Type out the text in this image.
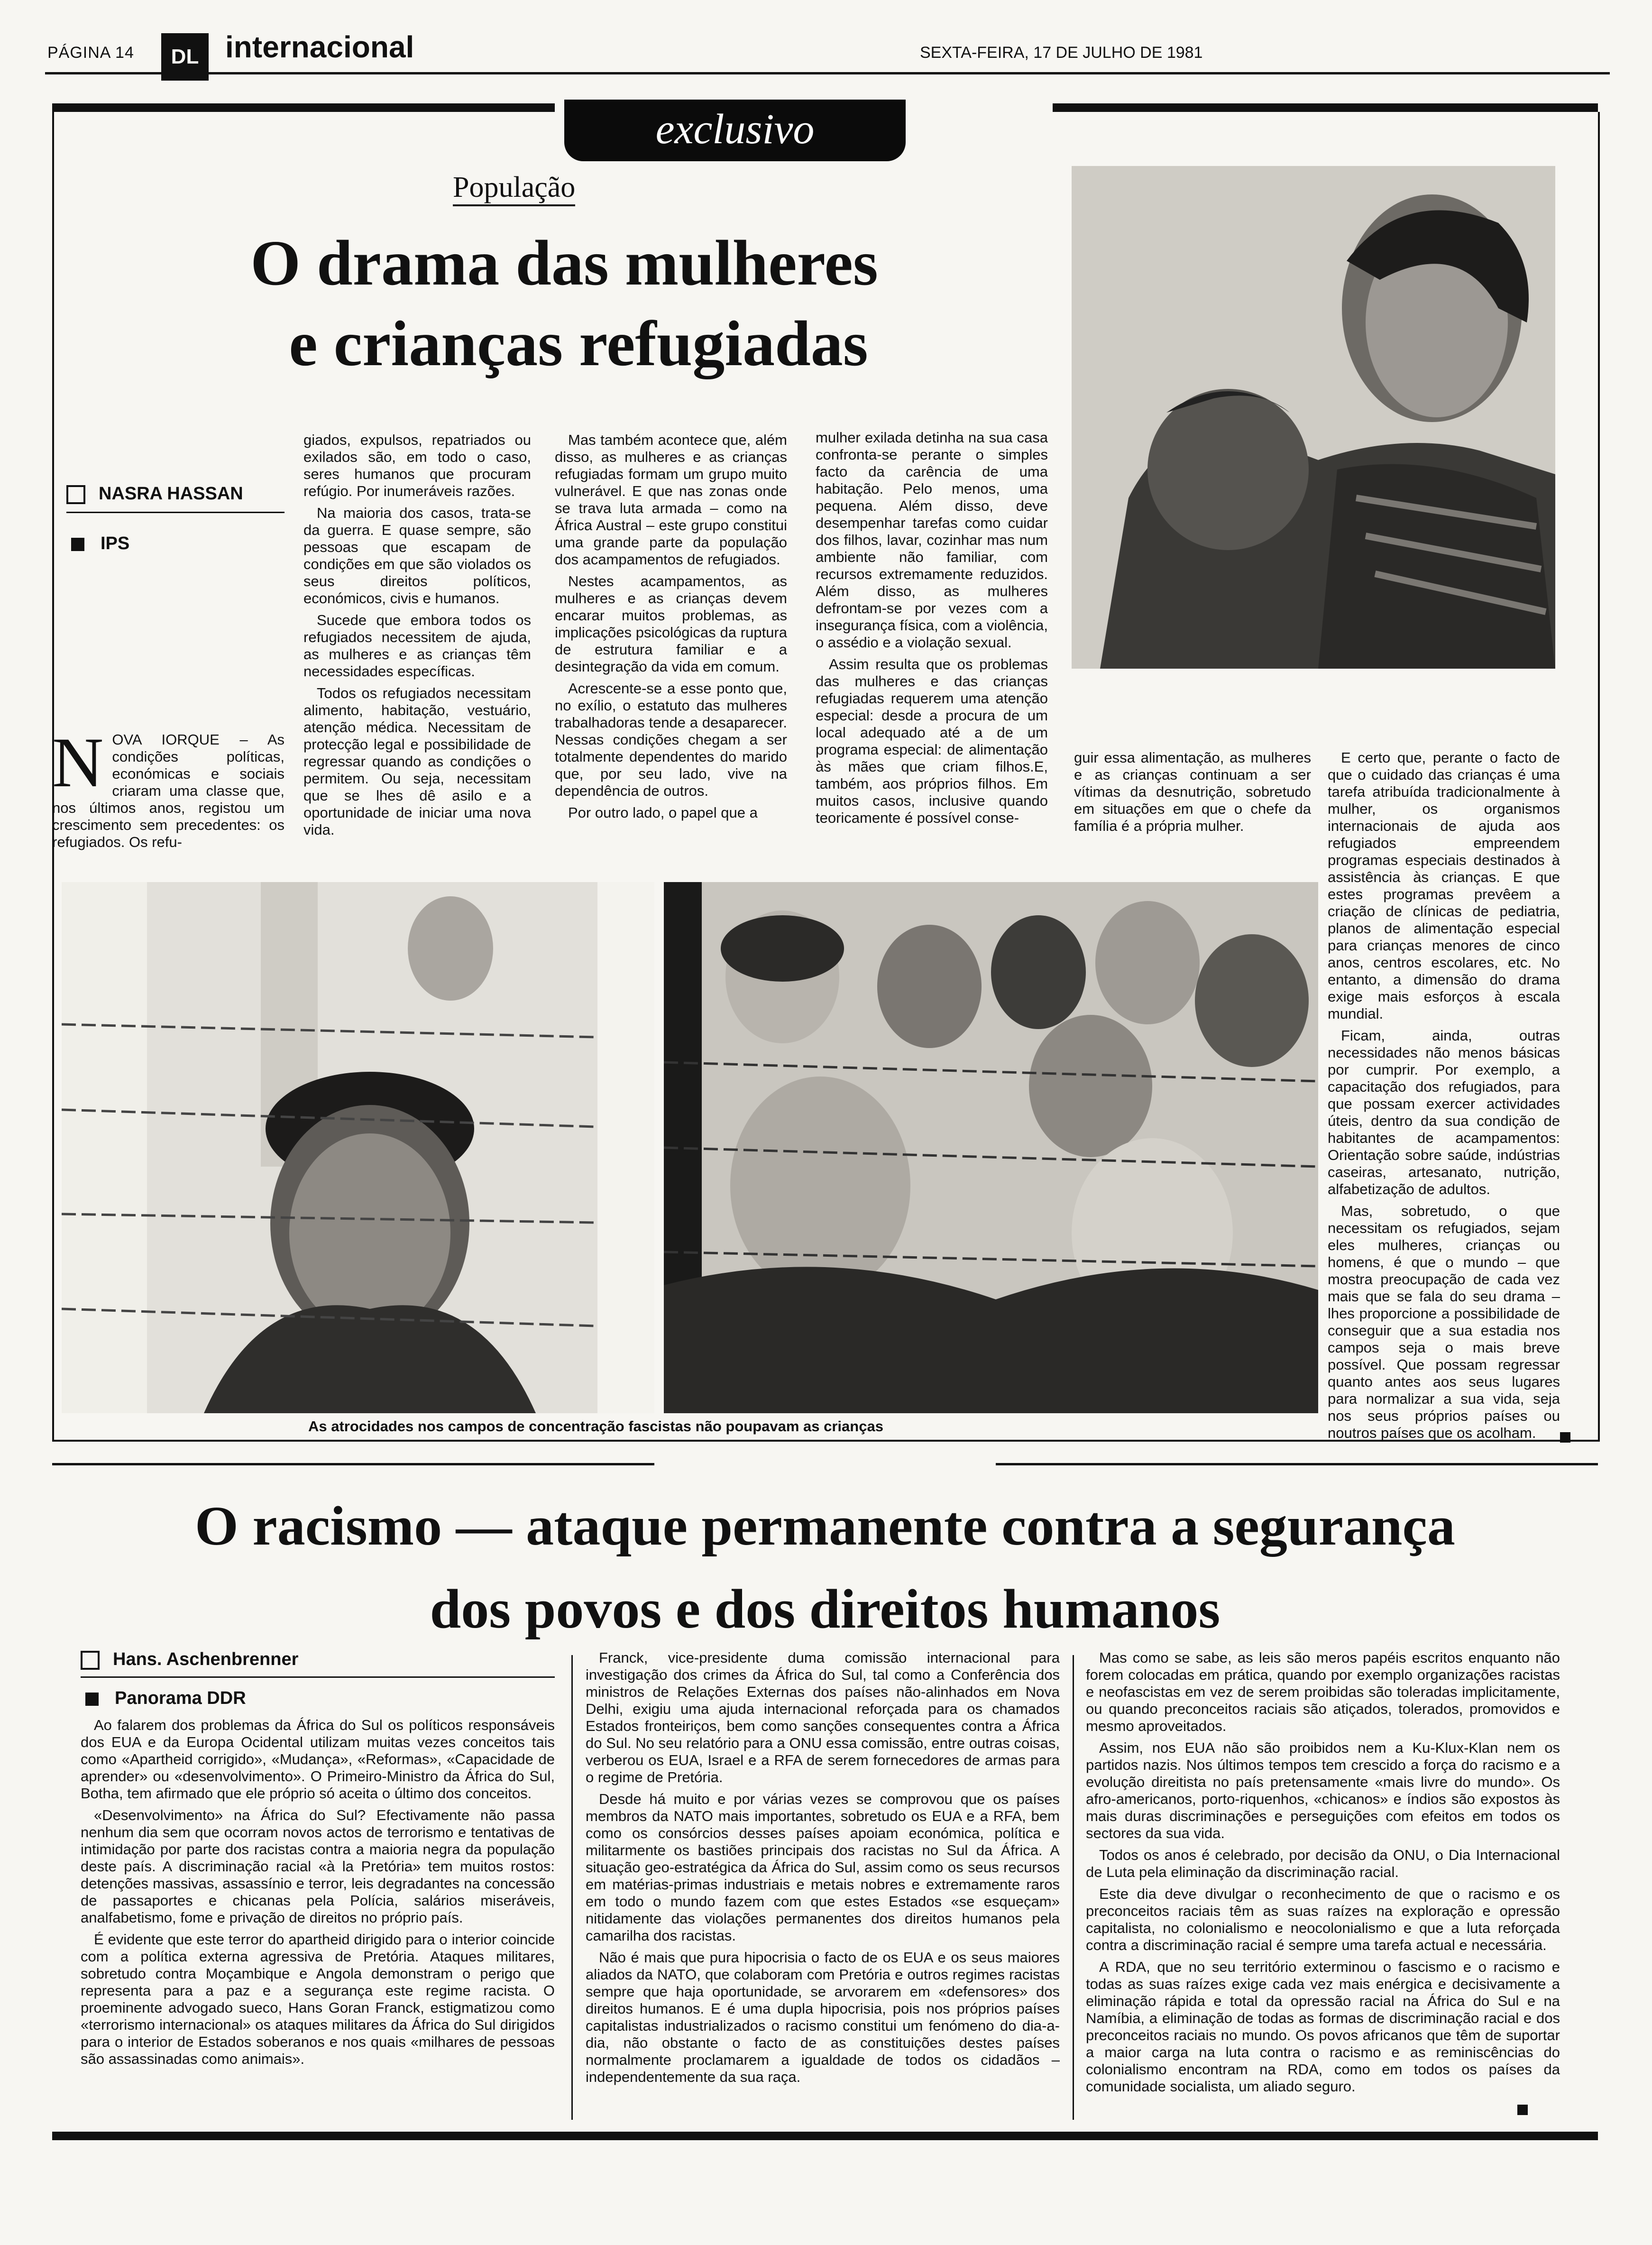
PÁGINA 14	DL internacional	SEXTA-FEIRA, 17 DE JULHO DE 1981
exclusivo
População
O drama das mulheres
e crianças refugiadas
NASRA HASSAN
IPS
NOVA IORQUE – As condições políticas, económicas e sociais criaram uma classe que, nos últimos anos, registou um crescimento sem precedentes: os refugiados. Os refu-

giados, expulsos, repatriados ou exilados são, em todo o caso, seres humanos que procuram refúgio. Por inumeráveis razões.

Na maioria dos casos, trata-se da guerra. E quase sempre, são pessoas que escapam de condições em que são violados os seus direitos políticos, económicos, civis e humanos.

Sucede que embora todos os refugiados necessitem de ajuda, as mulheres e as crianças têm necessidades específicas.

Todos os refugiados necessitam alimento, habitação, vestuário, atenção médica. Necessitam de protecção legal e possibilidade de regressar quando as condições o permitem. Ou seja, necessitam que se lhes dê asilo e a oportunidade de iniciar uma nova vida.

Mas também acontece que, além disso, as mulheres e as crianças refugiadas formam um grupo muito vulnerável. E que nas zonas onde se trava luta armada – como na África Austral – este grupo constitui uma grande parte da população dos acampamentos de refugiados.

Nestes acampamentos, as mulheres e as crianças devem encarar muitos problemas, as implicações psicológicas da ruptura de estrutura familiar e a desintegração da vida em comum.

Acrescente-se a esse ponto que, no exílio, o estatuto das mulheres trabalhadoras tende a desaparecer. Nessas condições chegam a ser totalmente dependentes do marido que, por seu lado, vive na dependência de outros.

Por outro lado, o papel que a

mulher exilada detinha na sua casa confronta-se perante o simples facto da carência de uma habitação. Pelo menos, uma pequena. Além disso, deve desempenhar tarefas como cuidar dos filhos, lavar, cozinhar mas num ambiente não familiar, com recursos extremamente reduzidos. Além disso, as mulheres defrontam-se por vezes com a insegurança física, com a violência, o assédio e a violação sexual.

Assim resulta que os problemas das mulheres e das crianças refugiadas requerem uma atenção especial: desde a procura de um local adequado até a de um programa especial: de alimentação às mães que criam filhos.E, também, aos próprios filhos. Em muitos casos, inclusive quando teoricamente é possível conse-

guir essa alimentação, as mulheres e as crianças continuam a ser vítimas da desnutrição, sobretudo em situações em que o chefe da família é a própria mulher.

E certo que, perante o facto de que o cuidado das crianças é uma tarefa atribuída tradicionalmente à mulher, os organismos internacionais de ajuda aos refugiados empreendem programas especiais destinados à assistência às crianças. E que estes programas prevêem a criação de clínicas de pediatria, planos de alimentação especial para crianças menores de cinco anos, centros escolares, etc. No entanto, a dimensão do drama exige mais esforços à escala mundial.

Ficam, ainda, outras necessidades não menos básicas por cumprir. Por exemplo, a capacitação dos refugiados, para que possam exercer actividades úteis, dentro da sua condição de habitantes de acampamentos: Orientação sobre saúde, indústrias caseiras, artesanato, nutrição, alfabetização de adultos.

Mas, sobretudo, o que necessitam os refugiados, sejam eles mulheres, crianças ou homens, é que o mundo – que mostra preocupação de cada vez mais que se fala do seu drama – lhes proporcione a possibilidade de conseguir que a sua estadia nos campos seja o mais breve possível. Que possam regressar quanto antes aos seus lugares para normalizar a sua vida, seja nos seus próprios países ou noutros países que os acolham.

As atrocidades nos campos de concentração fascistas não poupavam as crianças
O racismo — ataque permanente contra a segurança
dos povos e dos direitos humanos
Hans. Aschenbrenner
Panorama DDR

Ao falarem dos problemas da África do Sul os políticos responsáveis dos EUA e da Europa Ocidental utilizam muitas vezes conceitos tais como «Apartheid corrigido», «Mudança», «Reformas», «Capacidade de aprender» ou «desenvolvimento». O Primeiro-Ministro da África do Sul, Botha, tem afirmado que ele próprio só aceita o último dos conceitos.

«Desenvolvimento» na África do Sul? Efectivamente não passa nenhum dia sem que ocorram novos actos de terrorismo e tentativas de intimidação por parte dos racistas contra a maioria negra da população deste país. A discriminação racial «à la Pretória» tem muitos rostos: detenções massivas, assassínio e terror, leis degradantes na concessão de passaportes e chicanas pela Polícia, salários miseráveis, analfabetismo, fome e privação de direitos no próprio país.

É evidente que este terror do apartheid dirigido para o interior coincide com a política externa agressiva de Pretória. Ataques militares, sobretudo contra Moçambique e Angola demonstram o perigo que representa para a paz e a segurança este regime racista. O proeminente advogado sueco, Hans Goran Franck, estigmatizou como «terrorismo internacional» os ataques militares da África do Sul dirigidos para o interior de Estados soberanos e nos quais «milhares de pessoas são assassinadas como animais».

Franck, vice-presidente duma comissão internacional para investigação dos crimes da África do Sul, tal como a Conferência dos ministros de Relações Externas dos países não-alinhados em Nova Delhi, exigiu uma ajuda internacional reforçada para os chamados Estados fronteiriços, bem como sanções consequentes contra a África do Sul. No seu relatório para a ONU essa comissão, entre outras coisas, verberou os EUA, Israel e a RFA de serem fornecedores de armas para o regime de Pretória.

Desde há muito e por várias vezes se comprovou que os países membros da NATO mais importantes, sobretudo os EUA e a RFA, bem como os consórcios desses países apoiam económica, política e militarmente os bastiões principais dos racistas no Sul da África. A situação geo-estratégica da África do Sul, assim como os seus recursos em matérias-primas industriais e metais nobres e extremamente raros em todo o mundo fazem com que estes Estados «se esqueçam» nitidamente das violações permanentes dos direitos humanos pela camarilha dos racistas.

Não é mais que pura hipocrisia o facto de os EUA e os seus maiores aliados da NATO, que colaboram com Pretória e outros regimes racistas sempre que haja oportunidade, se arvorarem em «defensores» dos direitos humanos. E é uma dupla hipocrisia, pois nos próprios países capitalistas industrializados o racismo constitui um fenómeno do dia-a-dia, não obstante o facto de as constituições destes países normalmente proclamarem a igualdade de todos os cidadãos – independentemente da sua raça.

Mas como se sabe, as leis são meros papéis escritos enquanto não forem colocadas em prática, quando por exemplo organizações racistas e neofascistas em vez de serem proibidas são toleradas implicitamente, ou quando preconceitos raciais são atiçados, tolerados, promovidos e mesmo aproveitados.

Assim, nos EUA não são proibidos nem a Ku-Klux-Klan nem os partidos nazis. Nos últimos tempos tem crescido a força do racismo e a evolução direitista no país pretensamente «mais livre do mundo». Os afro-americanos, porto-riquenhos, «chicanos» e índios são expostos às mais duras discriminações e perseguições com efeitos em todos os sectores da sua vida.

Todos os anos é celebrado, por decisão da ONU, o Dia Internacional de Luta pela eliminação da discriminação racial.

Este dia deve divulgar o reconhecimento de que o racismo e os preconceitos raciais têm as suas raízes na exploração e opressão capitalista, no colonialismo e neocolonialismo e que a luta reforçada contra a discriminação racial é sempre uma tarefa actual e necessária.

A RDA, que no seu território exterminou o fascismo e o racismo e todas as suas raízes exige cada vez mais enérgica e decisivamente a eliminação rápida e total da opressão racial na África do Sul e na Namíbia, a eliminação de todas as formas de discriminação racial e dos preconceitos raciais no mundo. Os povos africanos que têm de suportar a maior carga na luta contra o racismo e as reminiscências do colonialismo encontram na RDA, como em todos os países da comunidade socialista, um aliado seguro.
